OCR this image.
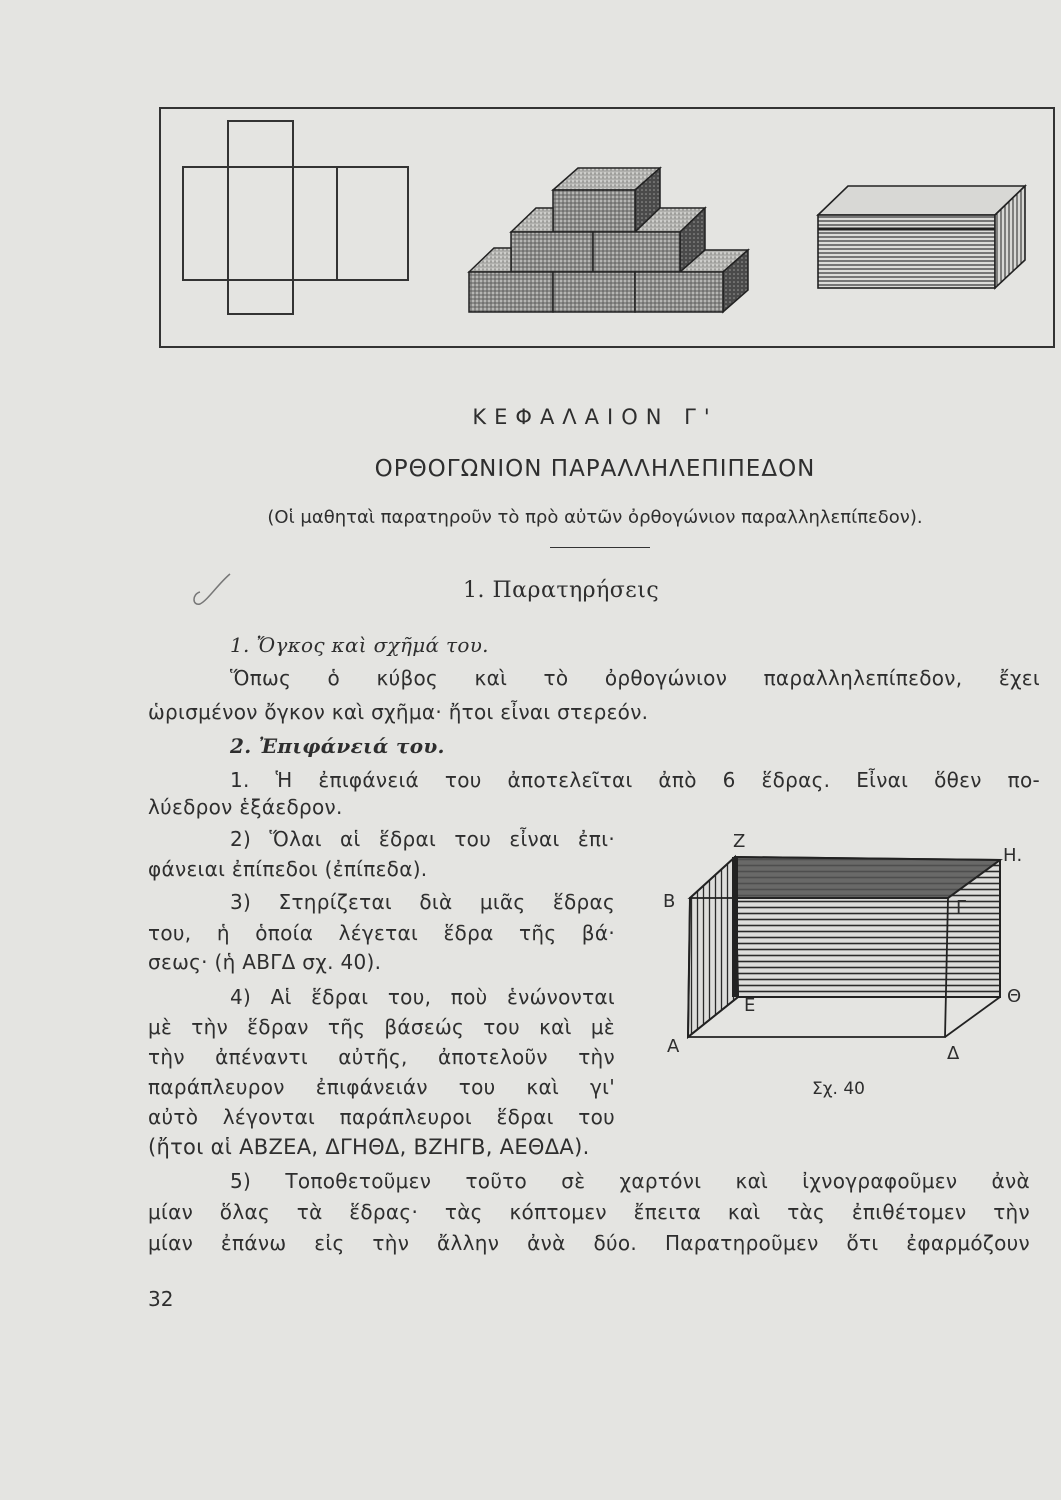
ΚΕΦΑΛΑΙΟΝ Γ'
ΟΡΘΟΓΩΝΙΟΝ ΠΑΡΑΛΛΗΛΕΠΙΠΕΔΟΝ
(Οἱ μαθηταὶ παρατηροῦν τὸ πρὸ αὐτῶν ὀρθογώνιον παραλληλεπίπεδον).
1. Παρατηρήσεις
1. Ὄγκος καὶ σχῆμά του.
Ὅπως ὁ κύβος καὶ τὸ ὀρθογώνιον παραλληλεπίπεδον, ἔχει
ὡρισμένον ὄγκον καὶ σχῆμα· ἤτοι εἶναι στερεόν.
2. Ἐπιφάνειά του.
1. Ἡ ἐπιφάνειά του ἀποτελεῖται ἀπὸ 6 ἕδρας. Εἶναι ὅθεν πο-
λύεδρον ἑξάεδρον.
2) Ὅλαι αἱ ἕδραι του εἶναι ἐπι·
φάνειαι ἐπίπεδοι (ἐπίπεδα).
3) Στηρίζεται διὰ μιᾶς ἕδρας
του, ἡ ὁποία λέγεται ἕδρα τῆς βά·
σεως· (ἡ ΑΒΓΔ σχ. 40).
4) Αἱ ἕδραι του, ποὺ ἑνώνονται
μὲ τὴν ἕδραν τῆς βάσεώς του καὶ μὲ
τὴν ἀπέναντι αὐτῆς, ἀποτελοῦν τὴν
παράπλευρον ἐπιφάνειάν του καὶ γι'
αὐτὸ λέγονται παράπλευροι ἕδραι του
(ἤτοι αἱ ΑΒΖΕΑ, ΔΓΗΘΔ, ΒΖΗΓΒ, ΑΕΘΔΑ).
5) Τοποθετοῦμεν τοῦτο σὲ χαρτόνι καὶ ἰχνογραφοῦμεν ἀνὰ
μίαν ὅλας τὰ ἕδρας· τὰς κόπτομεν ἔπειτα καὶ τὰς ἐπιθέτομεν τὴν
μίαν ἐπάνω εἰς τὴν ἄλλην ἀνὰ δύο. Παρατηροῦμεν ὅτι ἐφαρμόζουν
Ζ
Η.
Β	Γ
Ε	Θ
Α	Δ
Σχ. 40
32
